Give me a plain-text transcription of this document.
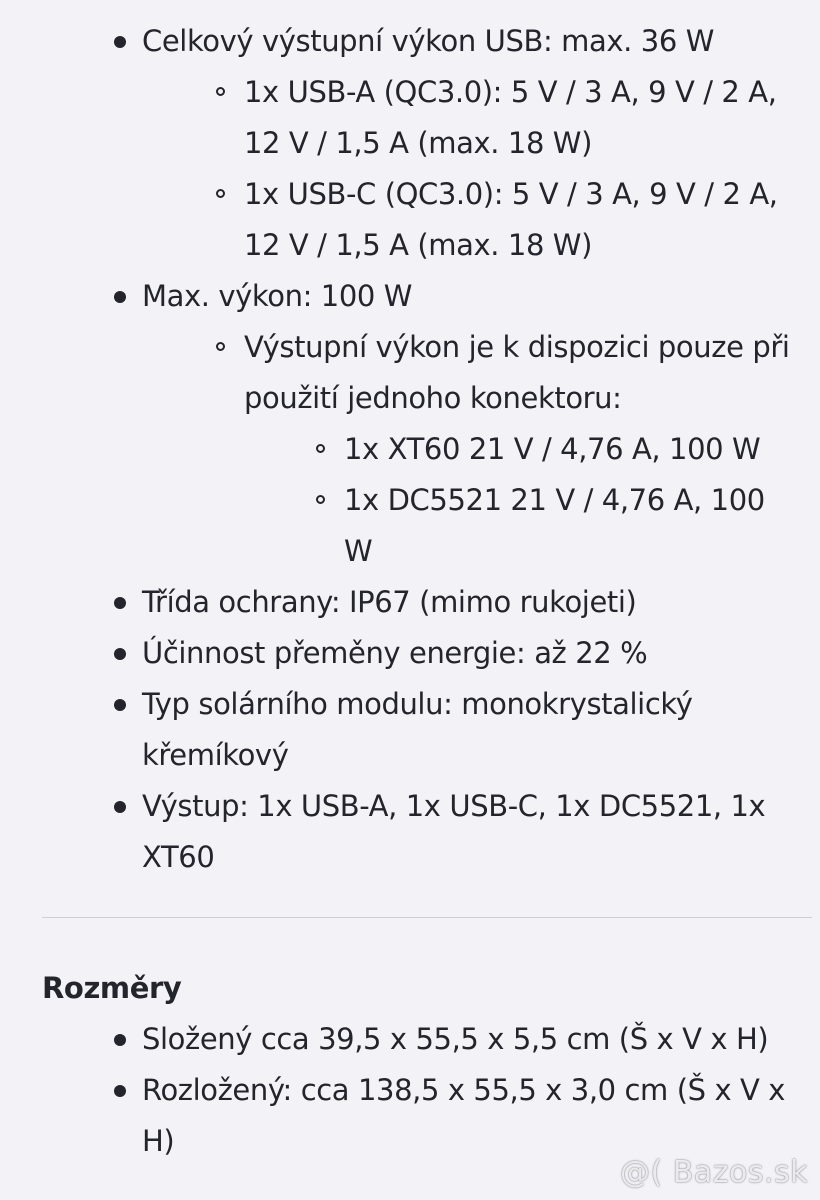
Celkový výstupní výkon USB: max. 36 W
1x USB-A (QC3.0): 5 V / 3 A, 9 V / 2 A, 12 V / 1,5 A (max. 18 W)
1x USB-C (QC3.0): 5 V / 3 A, 9 V / 2 A, 12 V / 1,5 A (max. 18 W)
Max. výkon: 100 W
Výstupní výkon je k dispozici pouze při použití jednoho konektoru:
1x XT60 21 V / 4,76 A, 100 W
1x DC5521 21 V / 4,76 A, 100 W
Třída ochrany: IP67 (mimo rukojeti)
Účinnost přeměny energie: až 22 %
Typ solárního modulu: monokrystalický křemíkový
Výstup: 1x USB-A, 1x USB-C, 1x DC5521, 1x XT60
Rozměry
Složený cca 39,5 x 55,5 x 5,5 cm (Š x V x H)
Rozložený: cca 138,5 x 55,5 x 3,0 cm (Š x V x H)
@( Bazos.sk
